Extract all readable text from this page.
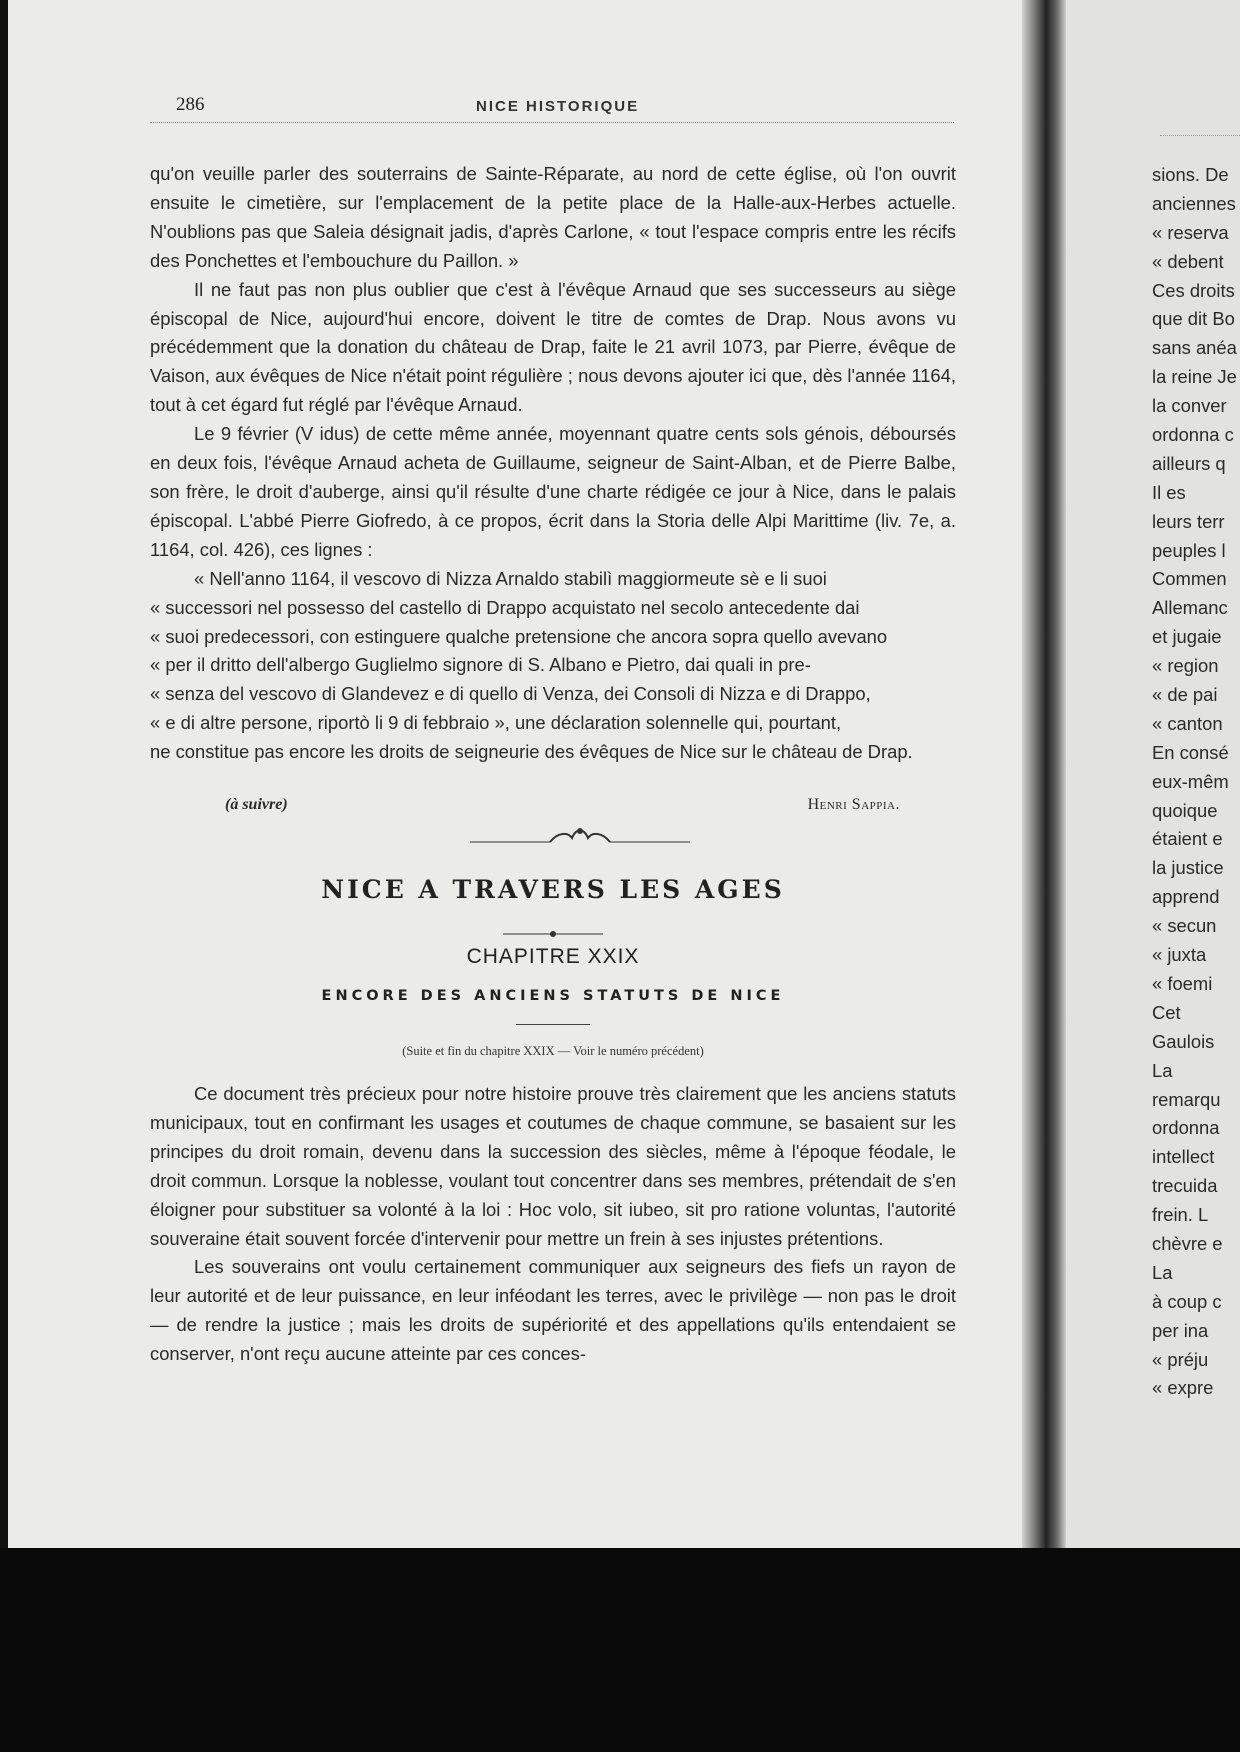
286	NICE HISTORIQUE

qu'on veuille parler des souterrains de Sainte-Réparate, au nord de cette église, où l'on ouvrit ensuite le cimetière, sur l'emplacement de la petite place de la Halle-aux-Herbes actuelle. N'oublions pas que Saleia désignait jadis, d'après Carlone, « tout l'espace compris entre les récifs des Ponchettes et l'embouchure du Paillon. »

Il ne faut pas non plus oublier que c'est à l'évêque Arnaud que ses successeurs au siège épiscopal de Nice, aujourd'hui encore, doivent le titre de comtes de Drap. Nous avons vu précédemment que la donation du château de Drap, faite le 21 avril 1073, par Pierre, évêque de Vaison, aux évêques de Nice n'était point régulière ; nous devons ajouter ici que, dès l'année 1164, tout à cet égard fut réglé par l'évêque Arnaud.

Le 9 février (V idus) de cette même année, moyennant quatre cents sols génois, déboursés en deux fois, l'évêque Arnaud acheta de Guillaume, seigneur de Saint-Alban, et de Pierre Balbe, son frère, le droit d'auberge, ainsi qu'il résulte d'une charte rédigée ce jour à Nice, dans le palais épiscopal. L'abbé Pierre Giofredo, à ce propos, écrit dans la Storia delle Alpi Marittime (liv. 7e, a. 1164, col. 426), ces lignes :

« Nell'anno 1164, il vescovo di Nizza Arnaldo stabilì maggiormeute sè e li suoi
« successori nel possesso del castello di Drappo acquistato nel secolo antecedente dai
« suoi predecessori, con estinguere qualche pretensione che ancora sopra quello avevano
« per il dritto dell'albergo Guglielmo signore di S. Albano e Pietro, dai quali in pre-
« senza del vescovo di Glandevez e di quello di Venza, dei Consoli di Nizza e di Drappo,
« e di altre persone, riportò li 9 di febbraio », une déclaration solennelle qui, pourtant,

ne constitue pas encore les droits de seigneurie des évêques de Nice sur le château de Drap.

(à suivre)	Henri Sappia.
NICE A TRAVERS LES AGES
CHAPITRE XXIX
ENCORE DES ANCIENS STATUTS DE NICE
(Suite et fin du chapitre XXIX — Voir le numéro précédent)

Ce document très précieux pour notre histoire prouve très clairement que les anciens statuts municipaux, tout en confirmant les usages et coutumes de chaque commune, se basaient sur les principes du droit romain, devenu dans la succession des siècles, même à l'époque féodale, le droit commun. Lorsque la noblesse, voulant tout concentrer dans ses membres, prétendait de s'en éloigner pour substituer sa volonté à la loi : Hoc volo, sit iubeo, sit pro ratione voluntas, l'autorité souveraine était souvent forcée d'intervenir pour mettre un frein à ses injustes prétentions.

Les souverains ont voulu certainement communiquer aux seigneurs des fiefs un rayon de leur autorité et de leur puissance, en leur inféodant les terres, avec le privilège — non pas le droit — de rendre la justice ; mais les droits de supériorité et des appellations qu'ils entendaient se conserver, n'ont reçu aucune atteinte par ces conces-

sions. De
anciennes
« reserva
« debent
Ces droits
que dit Bo
sans anéa
la reine Je
la conver
ordonna c
ailleurs q
Il es
leurs terr
peuples l
Commen
Allemanc
et jugaie
« region
« de pai
« canton
En consé
eux-mêm
quoique
étaient e
la justice
apprend
« secun
« juxta
« foemi
Cet
Gaulois
La
remarqu
ordonna
intellect
trecuida
frein. L
chèvre e
La
à coup c
per ina
« préju
« expre
